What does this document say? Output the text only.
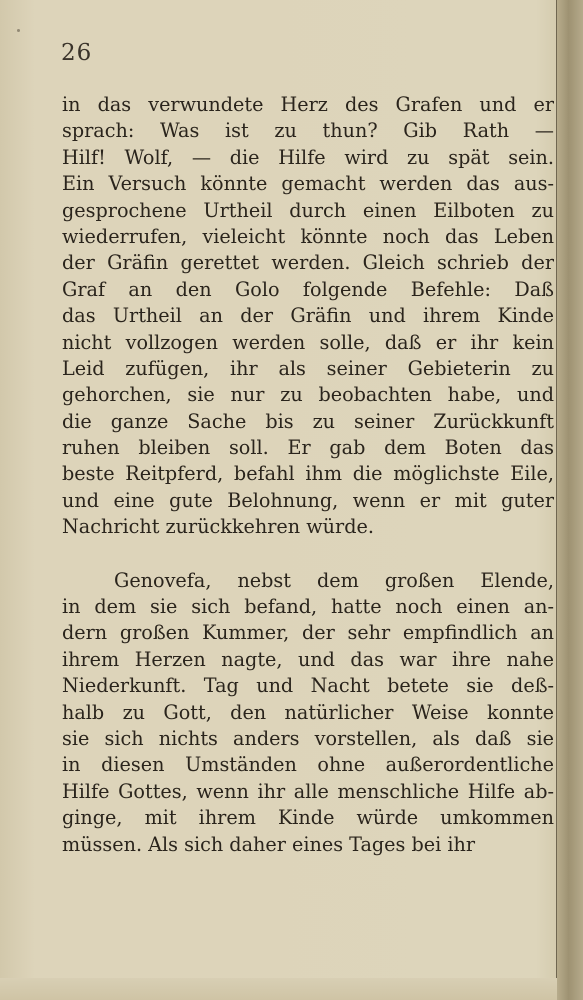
26
in das verwundete Herz des Grafen und er
sprach: Was ist zu thun? Gib Rath —
Hilf! Wolf, — die Hilfe wird zu spät sein.
Ein Versuch könnte gemacht werden das aus-
gesprochene Urtheil durch einen Eilboten zu
wiederrufen, vieleicht könnte noch das Leben
der Gräfin gerettet werden. Gleich schrieb der
Graf an den Golo folgende Befehle: Daß
das Urtheil an der Gräfin und ihrem Kinde
nicht vollzogen werden solle, daß er ihr kein
Leid zufügen, ihr als seiner Gebieterin zu
gehorchen, sie nur zu beobachten habe, und
die ganze Sache bis zu seiner Zurückkunft
ruhen bleiben soll. Er gab dem Boten das
beste Reitpferd, befahl ihm die möglichste Eile,
und eine gute Belohnung, wenn er mit guter
Nachricht zurückkehren würde.
Genovefa, nebst dem großen Elende,
in dem sie sich befand, hatte noch einen an-
dern großen Kummer, der sehr empfindlich an
ihrem Herzen nagte, und das war ihre nahe
Niederkunft. Tag und Nacht betete sie deß-
halb zu Gott, den natürlicher Weise konnte
sie sich nichts anders vorstellen, als daß sie
in diesen Umständen ohne außerordentliche
Hilfe Gottes, wenn ihr alle menschliche Hilfe ab-
ginge, mit ihrem Kinde würde umkommen
müssen. Als sich daher eines Tages bei ihr
